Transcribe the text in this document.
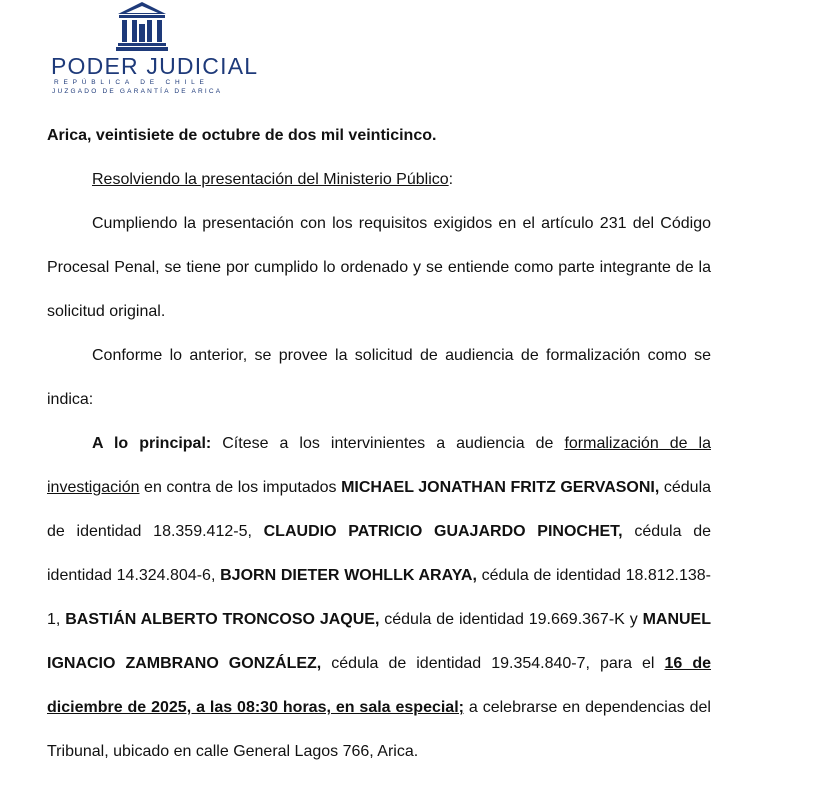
PODER JUDICIAL
REPÚBLICA DE CHILE
JUZGADO DE GARANTÍA DE ARICA

Arica, veintisiete de octubre de dos mil veinticinco.

Resolviendo la presentación del Ministerio Público:

Cumpliendo la presentación con los requisitos exigidos en el artículo 231 del Código Procesal Penal, se tiene por cumplido lo ordenado y se entiende como parte integrante de la solicitud original.

Conforme lo anterior, se provee la solicitud de audiencia de formalización como se indica:

A lo principal: Cítese a los intervinientes a audiencia de formalización de la investigación en contra de los imputados MICHAEL JONATHAN FRITZ GERVASONI, cédula de identidad 18.359.412-5, CLAUDIO PATRICIO GUAJARDO PINOCHET, cédula de identidad 14.324.804-6, BJORN DIETER WOHLLK ARAYA, cédula de identidad 18.812.138-1, BASTIÁN ALBERTO TRONCOSO JAQUE, cédula de identidad 19.669.367-K y MANUEL IGNACIO ZAMBRANO GONZÁLEZ, cédula de identidad 19.354.840-7, para el 16 de diciembre de 2025, a las 08:30 horas, en sala especial; a celebrarse en dependencias del Tribunal, ubicado en calle General Lagos 766, Arica.
